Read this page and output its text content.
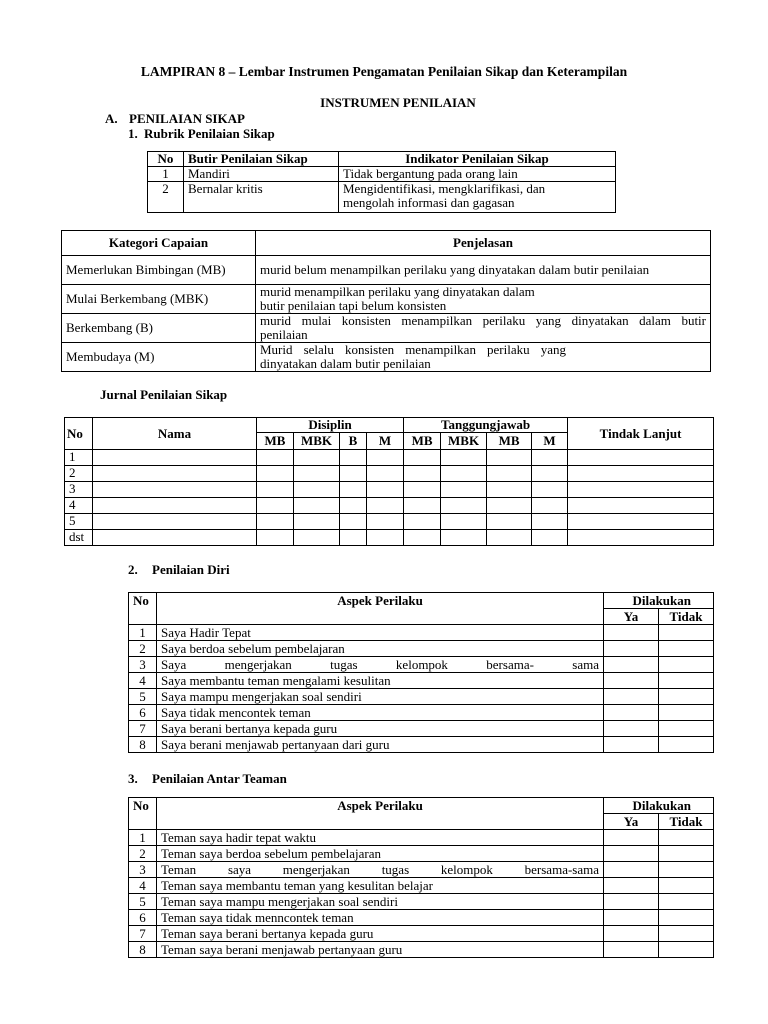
LAMPIRAN 8 – Lembar Instrumen Pengamatan Penilaian Sikap dan Keterampilan
INSTRUMEN PENILAIAN
A. PENILAIAN SIKAP
1. Rubrik Penilaian Sikap
No	Butir Penilaian Sikap	Indikator Penilaian Sikap
1	Mandiri	Tidak bergantung pada orang lain
2	Bernalar kritis	Mengidentifikasi, mengklarifikasi, dan
mengolah informasi dan gagasan
Kategori Capaian	Penjelasan
Memerlukan Bimbingan (MB)	murid belum menampilkan perilaku yang dinyatakan dalam butir penilaian
Mulai Berkembang (MBK)	murid menampilkan perilaku yang dinyatakan dalam
butir penilaian tapi belum konsisten

Berkembang (B)	murid mulai konsisten menampilkan perilaku yang dinyatakan dalam butir
penilaian

Membudaya (M)	Murid selalu konsisten menampilkan perilaku yang
dinyatakan dalam butir penilaian
Jurnal Penilaian Sikap
No	Nama	Disiplin				Tanggungjawab				Tindak Lanjut
		MB	MBK	B	M	MB	MBK	MB	M	
1										
2										
3										
4										
5										
dst										
2. Penilaian Diri
No	Aspek Perilaku	Dilakukan	
		Ya	Tidak
1	Saya Hadir Tepat		
2	Saya berdoa sebelum pembelajaran		
3	Saya mengerjakan tugas kelompok bersama- sama		
4	Saya membantu teman mengalami kesulitan		
5	Saya mampu mengerjakan soal sendiri		
6	Saya tidak mencontek teman		
7	Saya berani bertanya kepada guru		
8	Saya berani menjawab pertanyaan dari guru		
3. Penilaian Antar Teaman
No	Aspek Perilaku	Dilakukan	
		Ya	Tidak
1	Teman saya hadir tepat waktu		
2	Teman saya berdoa sebelum pembelajaran		
3	Teman saya mengerjakan tugas kelompok bersama-sama		
4	Teman saya membantu teman yang kesulitan belajar		
5	Teman saya mampu mengerjakan soal sendiri		
6	Teman saya tidak menncontek teman		
7	Teman saya berani bertanya kepada guru		
8	Teman saya berani menjawab pertanyaan guru		
